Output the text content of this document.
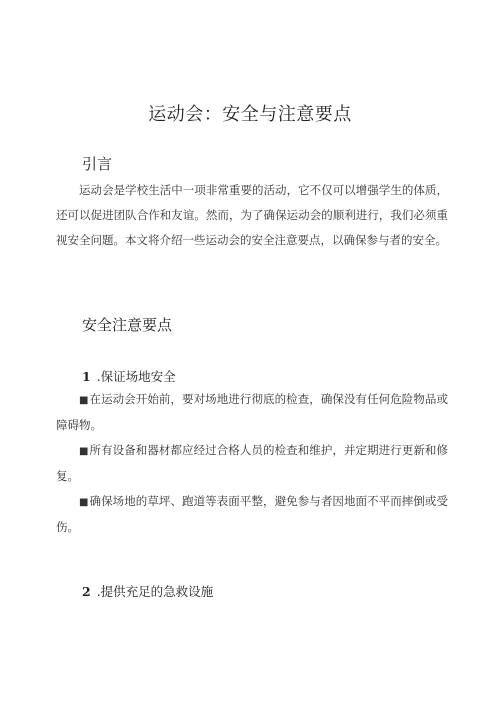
运动会：安全与注意要点
引言

运动会是学校生活中一项非常重要的活动，它不仅可以增强学生的体质，还可以促进团队合作和友谊。然而，为了确保运动会的顺利进行，我们必须重视安全问题。本文将介绍一些运动会的安全注意要点，以确保参与者的安全。

安全注意要点
1 .保证场地安全

■在运动会开始前，要对场地进行彻底的检查，确保没有任何危险物品或障碍物。

■所有设备和器材都应经过合格人员的检查和维护，并定期进行更新和修复。

■确保场地的草坪、跑道等表面平整，避免参与者因地面不平而摔倒或受伤。

2 .提供充足的急救设施
